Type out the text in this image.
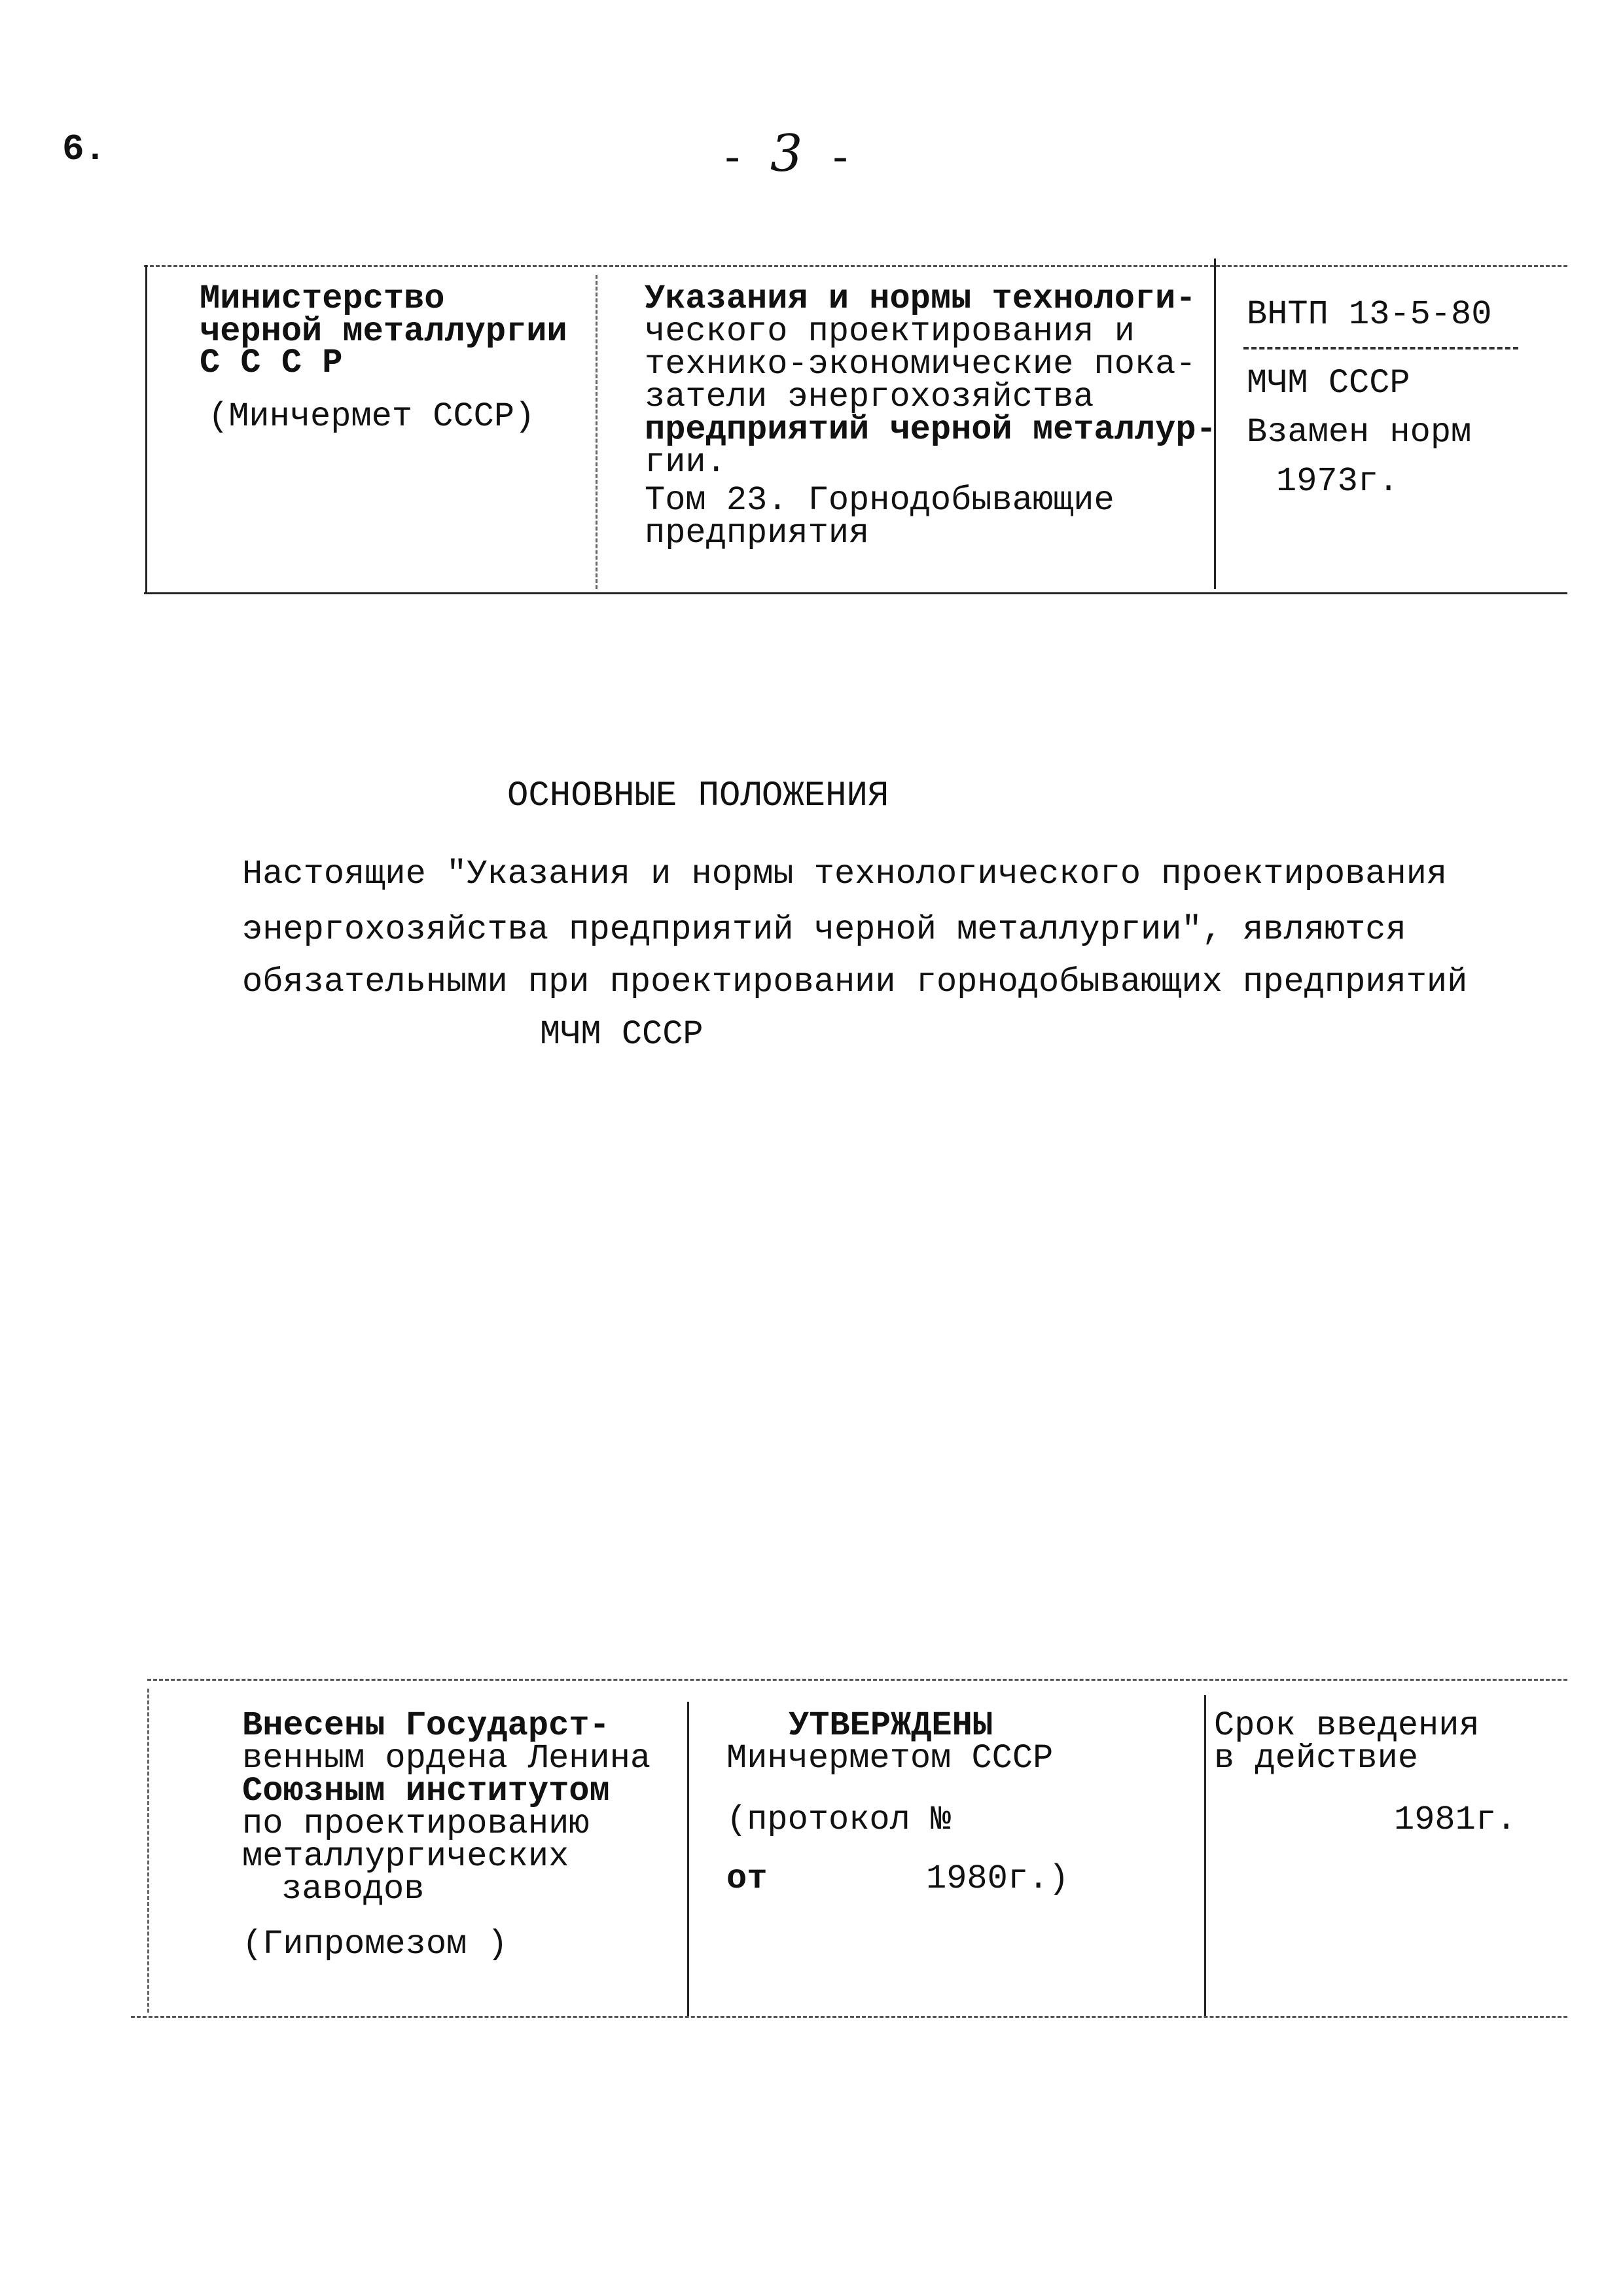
6.	- 3 -
Министерство
черной металлургии
С С С Р
(Минчермет СССР)
Указания и нормы технологи-
ческого проектирования и
технико-экономические пока-
затели энергохозяйства
предприятий черной металлур-
гии.
Том 23. Горнодобывающие
предприятия
ВНТП 13-5-80
МЧМ СССР
Взамен норм
1973г.
ОСНОВНЫЕ ПОЛОЖЕНИЯ
Настоящие "Указания и нормы технологического проектирования
энергохозяйства предприятий черной металлургии", являются
обязательными при проектировании горнодобывающих предприятий
МЧМ СССР
Внесены Государст-
венным ордена Ленина
Союзным институтом
по проектированию
металлургических
заводов
(Гипромезом )
УТВЕРЖДЕНЫ
Минчерметом СССР
(протокол №
от	1980г.)
Срок введения
в действие
1981г.
